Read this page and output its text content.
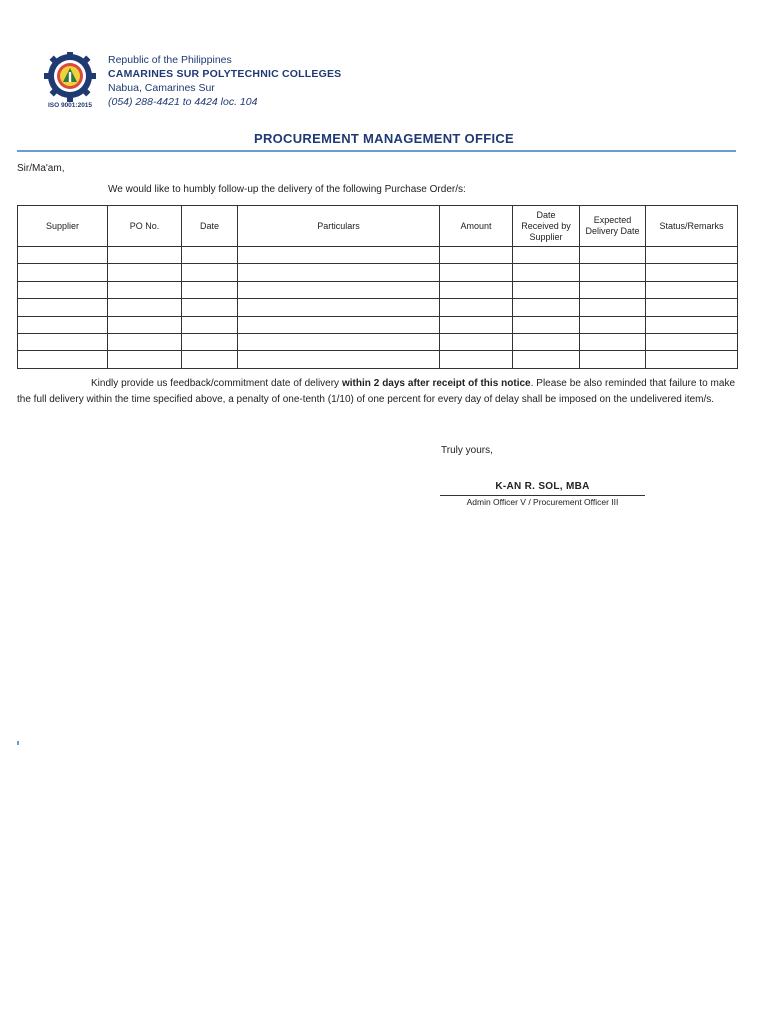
ISO 9001:2015
Republic of the Philippines
CAMARINES SUR POLYTECHNIC COLLEGES
Nabua, Camarines Sur
(054) 288-4421 to 4424 loc. 104
PROCUREMENT MANAGEMENT OFFICE
Sir/Ma'am,
We would like to humbly follow-up the delivery of the following Purchase Order/s:
Supplier	PO No.	Date	Particulars	Amount	Date Received by Supplier	Expected Delivery Date	Status/Remarks

Kindly provide us feedback/commitment date of delivery within 2 days after receipt of this notice. Please be also reminded that failure to make the full delivery within the time specified above, a penalty of one-tenth (1/10) of one percent for every day of delay shall be imposed on the undelivered item/s.
Truly yours,
K-AN R. SOL, MBA
Admin Officer V / Procurement Officer III
